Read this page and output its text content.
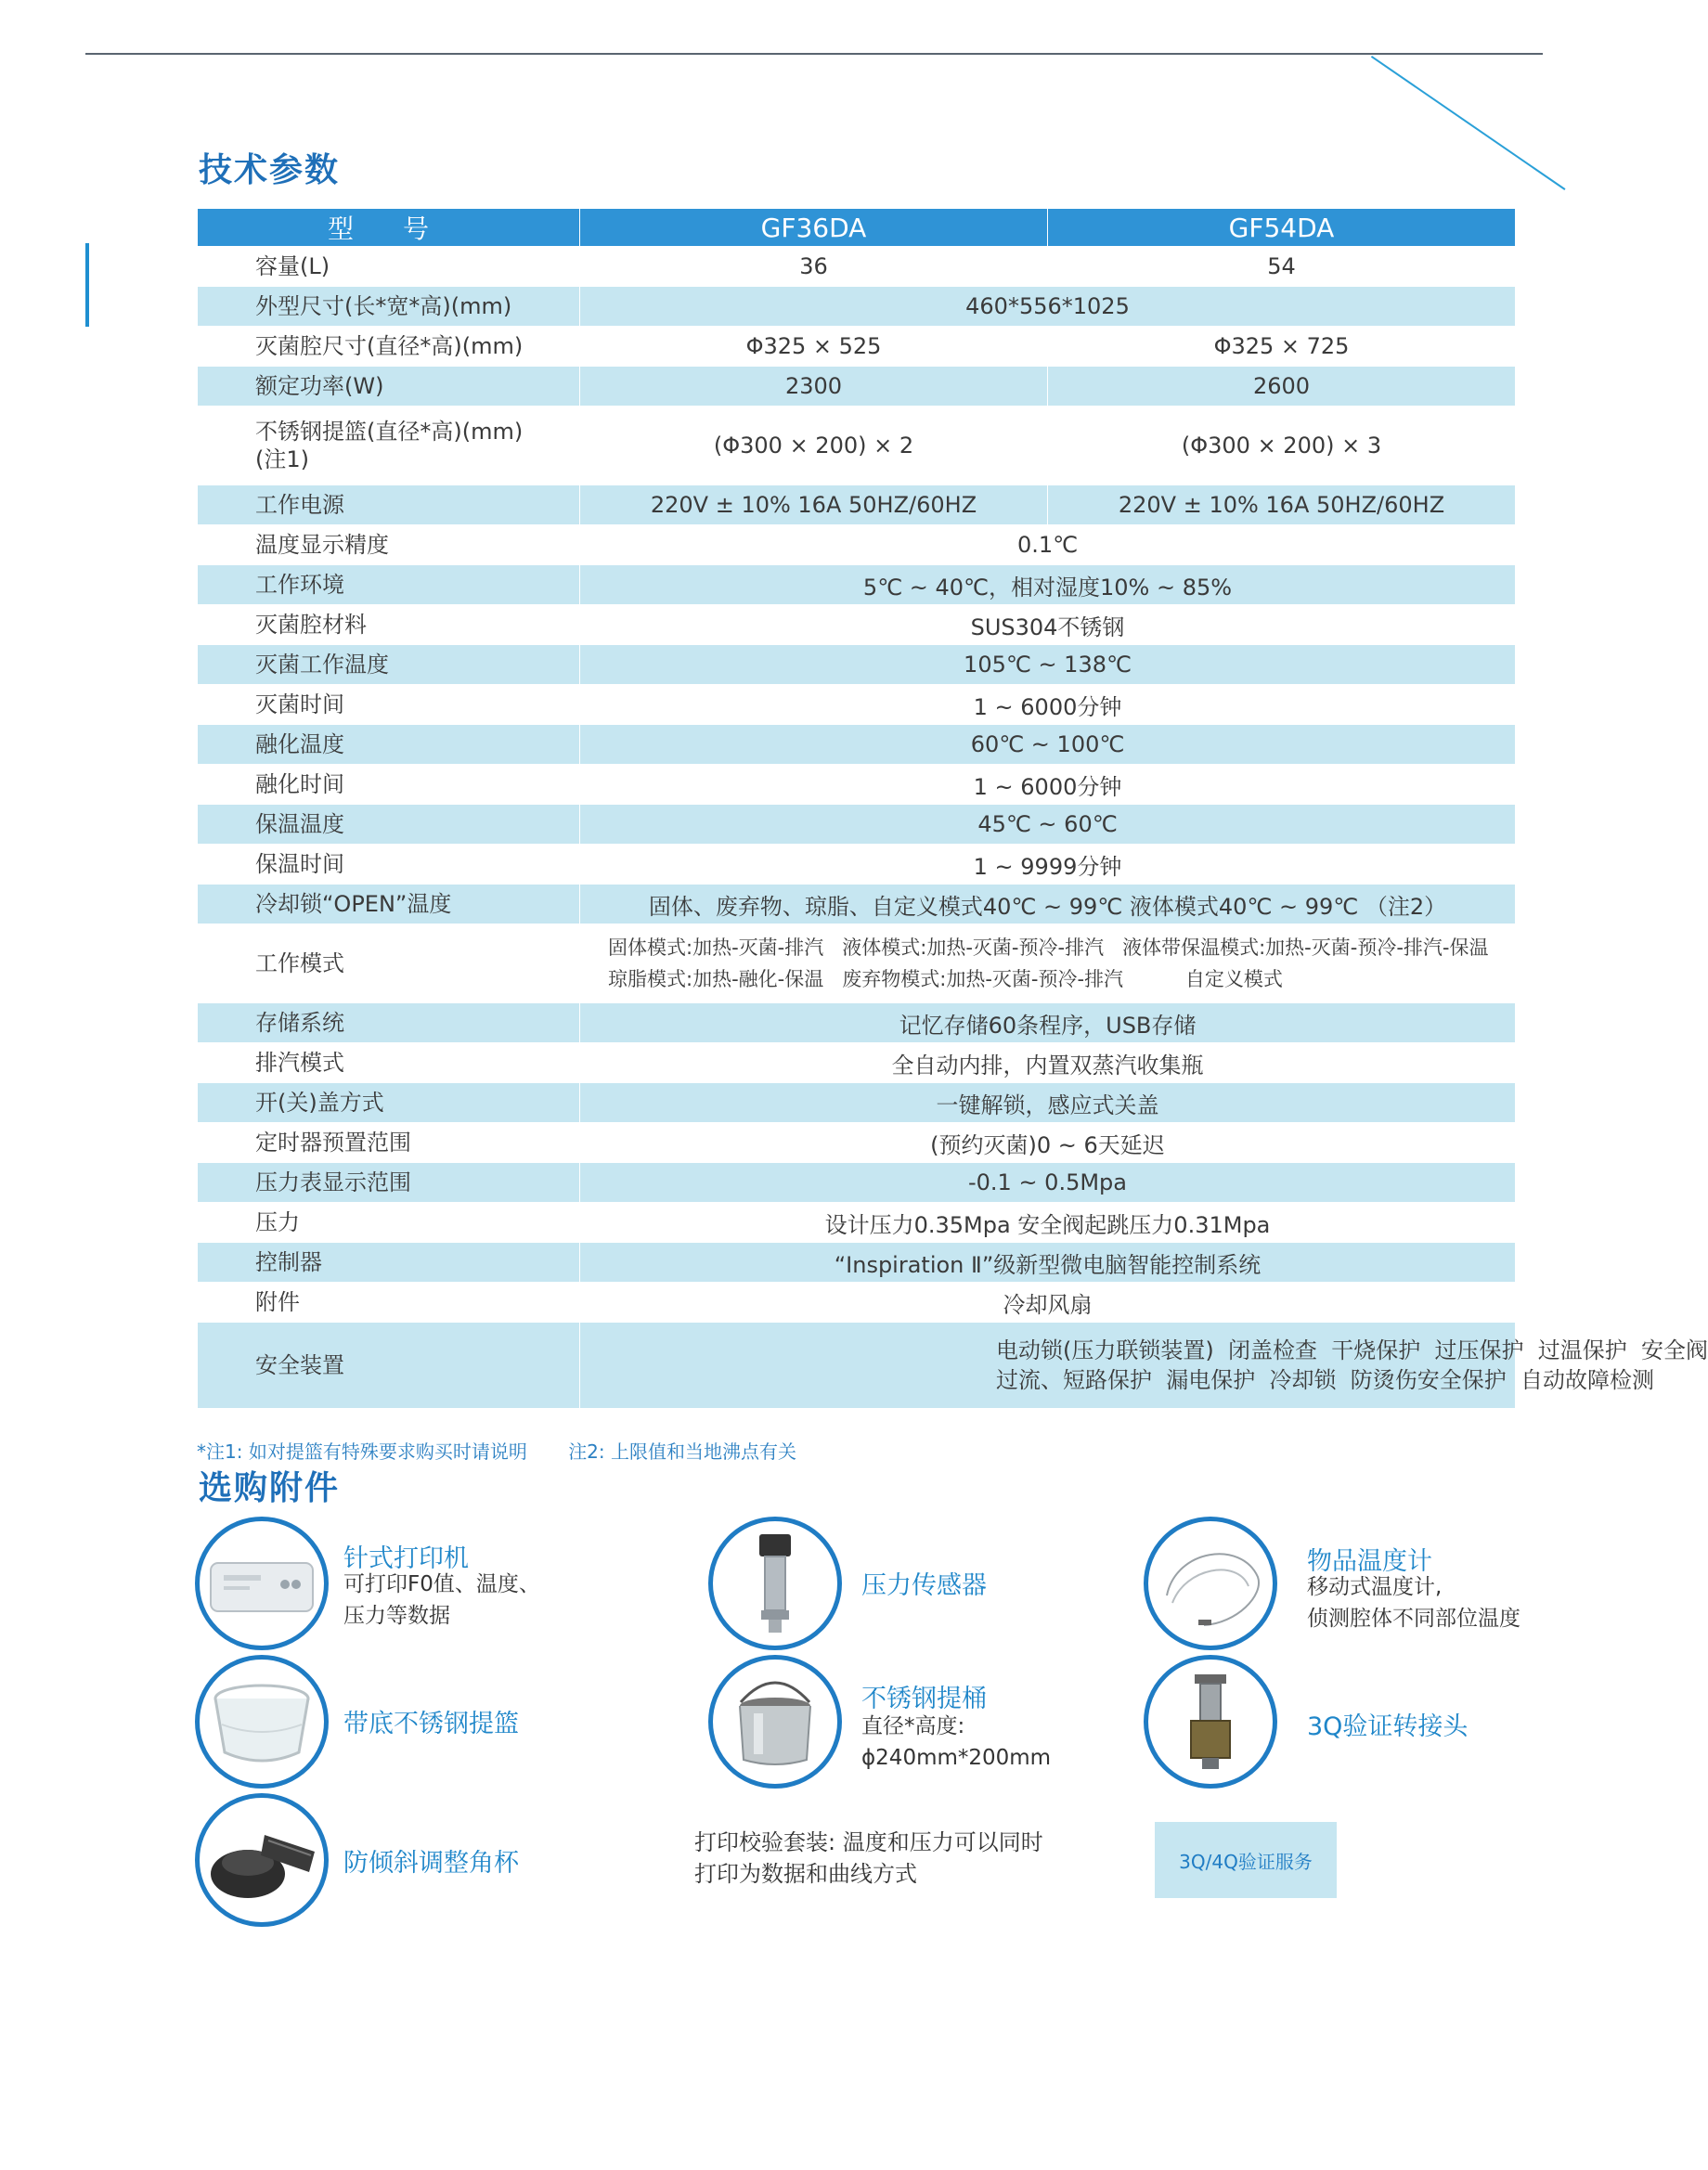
技术参数
型 号	GF36DA	GF54DA
容量(L)	36	54
外型尺寸(长*宽*高)(mm)	460*556*1025	
灭菌腔尺寸(直径*高)(mm)	Φ325 × 525	Φ325 × 725
额定功率(W)	2300	2600

不锈钢提篮(直径*高)(mm)
(注1)	(Φ300 × 200) × 2	(Φ300 × 200) × 3
工作电源	220V ± 10% 16A 50HZ/60HZ	220V ± 10% 16A 50HZ/60HZ
温度显示精度	0.1℃	
工作环境	5℃ ~ 40℃，相对湿度10% ~ 85%	
灭菌腔材料	SUS304不锈钢	
灭菌工作温度	105℃ ~ 138℃	
灭菌时间	1 ~ 6000分钟	
融化温度	60℃ ~ 100℃	
融化时间	1 ~ 6000分钟	
保温温度	45℃ ~ 60℃	
保温时间	1 ~ 9999分钟	
冷却锁“OPEN”温度	固体、废弃物、琼脂、自定义模式40℃ ~ 99℃ 液体模式40℃ ~ 99℃ （注2）	
工作模式	固体模式:加热-灭菌-排汽   液体模式:加热-灭菌-预冷-排汽   液体带保温模式:加热-灭菌-预冷-排汽-保温
琼脂模式:加热-融化-保温   废弃物模式:加热-灭菌-预冷-排汽          自定义模式	

存储系统	记忆存储60条程序，USB存储	
排汽模式	全自动内排，内置双蒸汽收集瓶	
开(关)盖方式	一键解锁，感应式关盖	
定时器预置范围	(预约灭菌)0 ~ 6天延迟	
压力表显示范围	-0.1 ~ 0.5Mpa	
压力	设计压力0.35Mpa 安全阀起跳压力0.31Mpa	
控制器	“Inspiration Ⅱ”级新型微电脑智能控制系统	
附件	冷却风扇	
安全装置	电动锁(压力联锁装置)  闭盖检查  干烧保护  过压保护  过温保护  安全阀
过流、短路保护  漏电保护  冷却锁  防烫伤安全保护  自动故障检测	
*注1: 如对提篮有特殊要求购买时请说明 注2: 上限值和当地沸点有关
选购附件
针式打印机
可打印F0值、温度、
压力等数据
压力传感器
物品温度计
移动式温度计,
侦测腔体不同部位温度
带底不锈钢提篮
不锈钢提桶
直径*高度:
ϕ240mm*200mm
3Q验证转接头
防倾斜调整角杯
打印校验套装: 温度和压力可以同时
打印为数据和曲线方式	3Q/4Q验证服务
